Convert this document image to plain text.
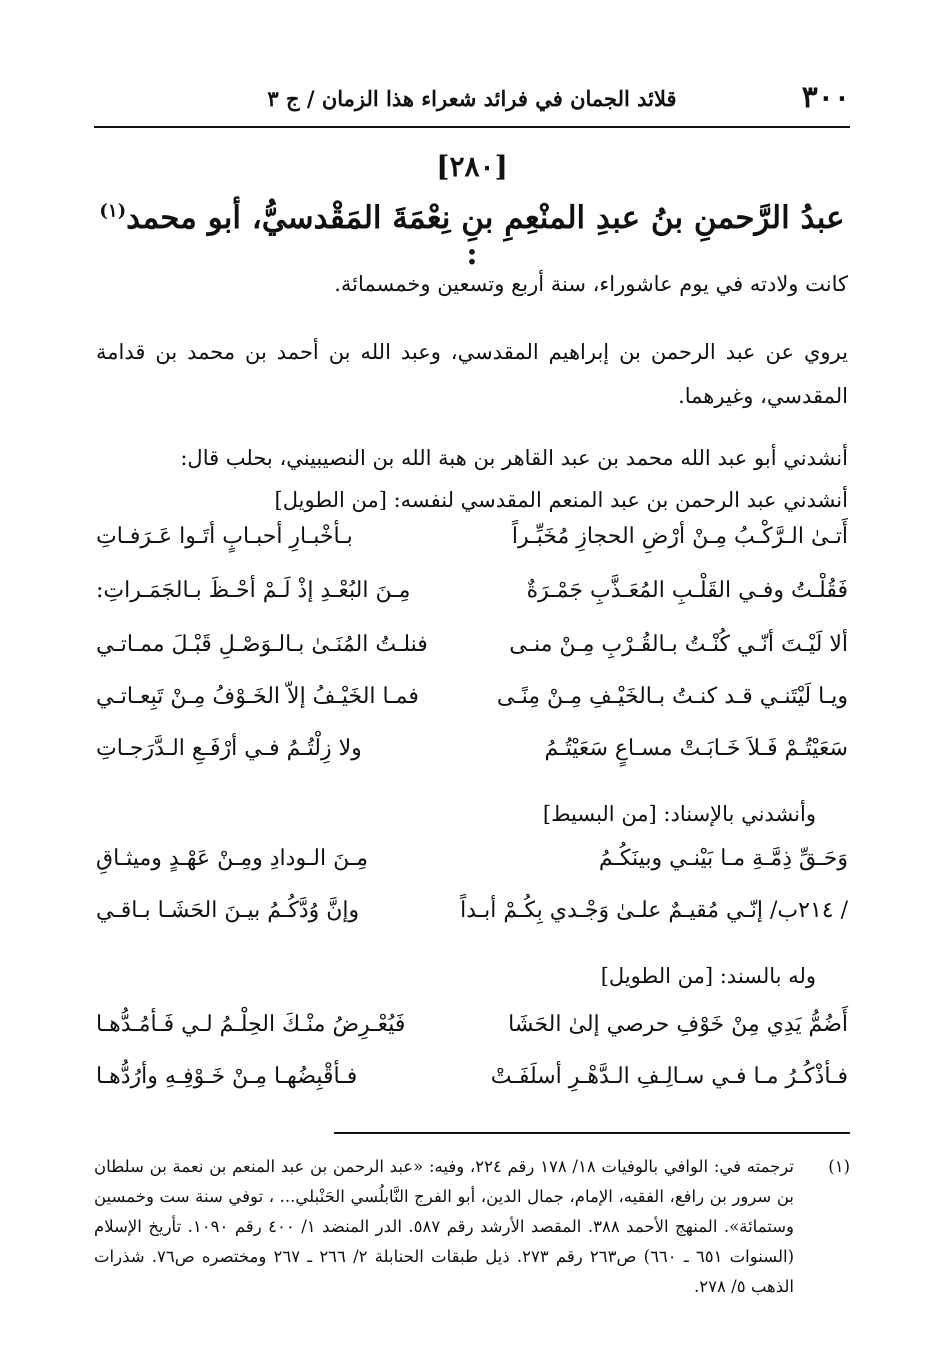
٣٠٠
قلائد الجمان في فرائد شعراء هذا الزمان / ج ٣
[٢٨٠]
عبدُ الرَّحمنِ بنُ عبدِ المنْعِمِ بنِ نِعْمَةَ المَقْدسيُّ، أبو محمد$^{(١)}$ :
كانت ولادته في يوم عاشوراء، سنة أربع وتسعين وخمسمائة.
يروي عن عبد الرحمن بن إبراهيم المقدسي، وعبد الله بن أحمد بن محمد بن قدامة المقدسي، وغيرهما.
أنشدني أبو عبد الله محمد بن عبد القاهر بن هبة الله بن النصيبيني، بحلب قال:
أنشدني عبد الرحمن بن عبد المنعم المقدسي لنفسه: [من الطويل]
أَتـىٰ الـرَّكْـبُ مِـنْ أرْضِ الحجازِ مُخَبِّـراً
بـأخْبـارِ أحبـابٍ أتَـوا عَـرَفـاتِ
فَقُلْـتُ وفـي القَلْـبِ المُعَـذَّبِ جَمْـرَةٌ
مِـنَ البُعْـدِ إذْ لَـمْ أحْـظَ بـالجَمَـراتِ:
ألا لَيْـتَ أنّـي كُنْـتُ بـالقُـرْبِ مِـنْ منـى
فنلـتُ المُنَـىٰ بـالـوَصْـلِ قَبْـلَ ممـاتـي
ويـا لَيْتَنـي قـد كنـتُ بـالخَيْـفِ مِـنْ مِنًـى
فمـا الخَيْـفُ إلاّ الخَـوْفُ مِـنْ تَبِعـاتـي
سَعَيْتُـمْ فَـلاَ خَـابَـتْ مسـاعٍ سَعَيْتُـمُ
ولا زِلْتُـمُ فـي أرْفَـعِ الـدَّرَجـاتِ
وأنشدني بالإسناد: [من البسيط]
وَحَـقِّ ذِمَّـةِ مـا بَيْنـي وبينَكُـمُ
مِـنَ الـودادِ ومِـنْ عَهْـدٍ وميثـاقِ
/ ٢١٤ب/ إنّـي مُقيـمٌ علـىٰ وَجْـدي بِكُـمْ أبـداً
وإنَّ وُدَّكُـمُ بيـنَ الحَشَـا بـاقـي
وله بالسند: [من الطويل]
أَضُمُّ يَدِي مِنْ خَوْفِ حرصي إلىٰ الحَشَا
فَيُعْـرِضُ منْـكَ الحِلْـمُ لـي فَـأمُـدُّهـا
فـأذْكُـرُ مـا فـي سـالِـفِ الـدَّهْـرِ أسلَفَـتْ
فـأقْبِضُهـا مِـنْ خَـوْفِـهِ وأرُدُّهـا
(١)
ترجمته في: الوافي بالوفيات ١٨/ ١٧٨ رقم ٢٢٤، وفيه: «عبد الرحمن بن عبد المنعم بن نعمة بن سلطان بن سرور بن رافع، الفقيه، الإمام، جمال الدين، أبو الفرج النَّابلُسي الحَنْبلي... ، توفي سنة ست وخمسين وستمائة». المنهج الأحمد ٣٨٨. المقصد الأرشد رقم ٥٨٧. الدر المنضد ١/ ٤٠٠ رقم ١٠٩٠. تأريخ الإسلام (السنوات ٦٥١ ـ ٦٦٠) ص٢٦٣ رقم ٢٧٣. ذيل طبقات الحنابلة ٢/ ٢٦٦ ـ ٢٦٧ ومختصره ص٧٦. شذرات الذهب ٥/ ٢٧٨.
